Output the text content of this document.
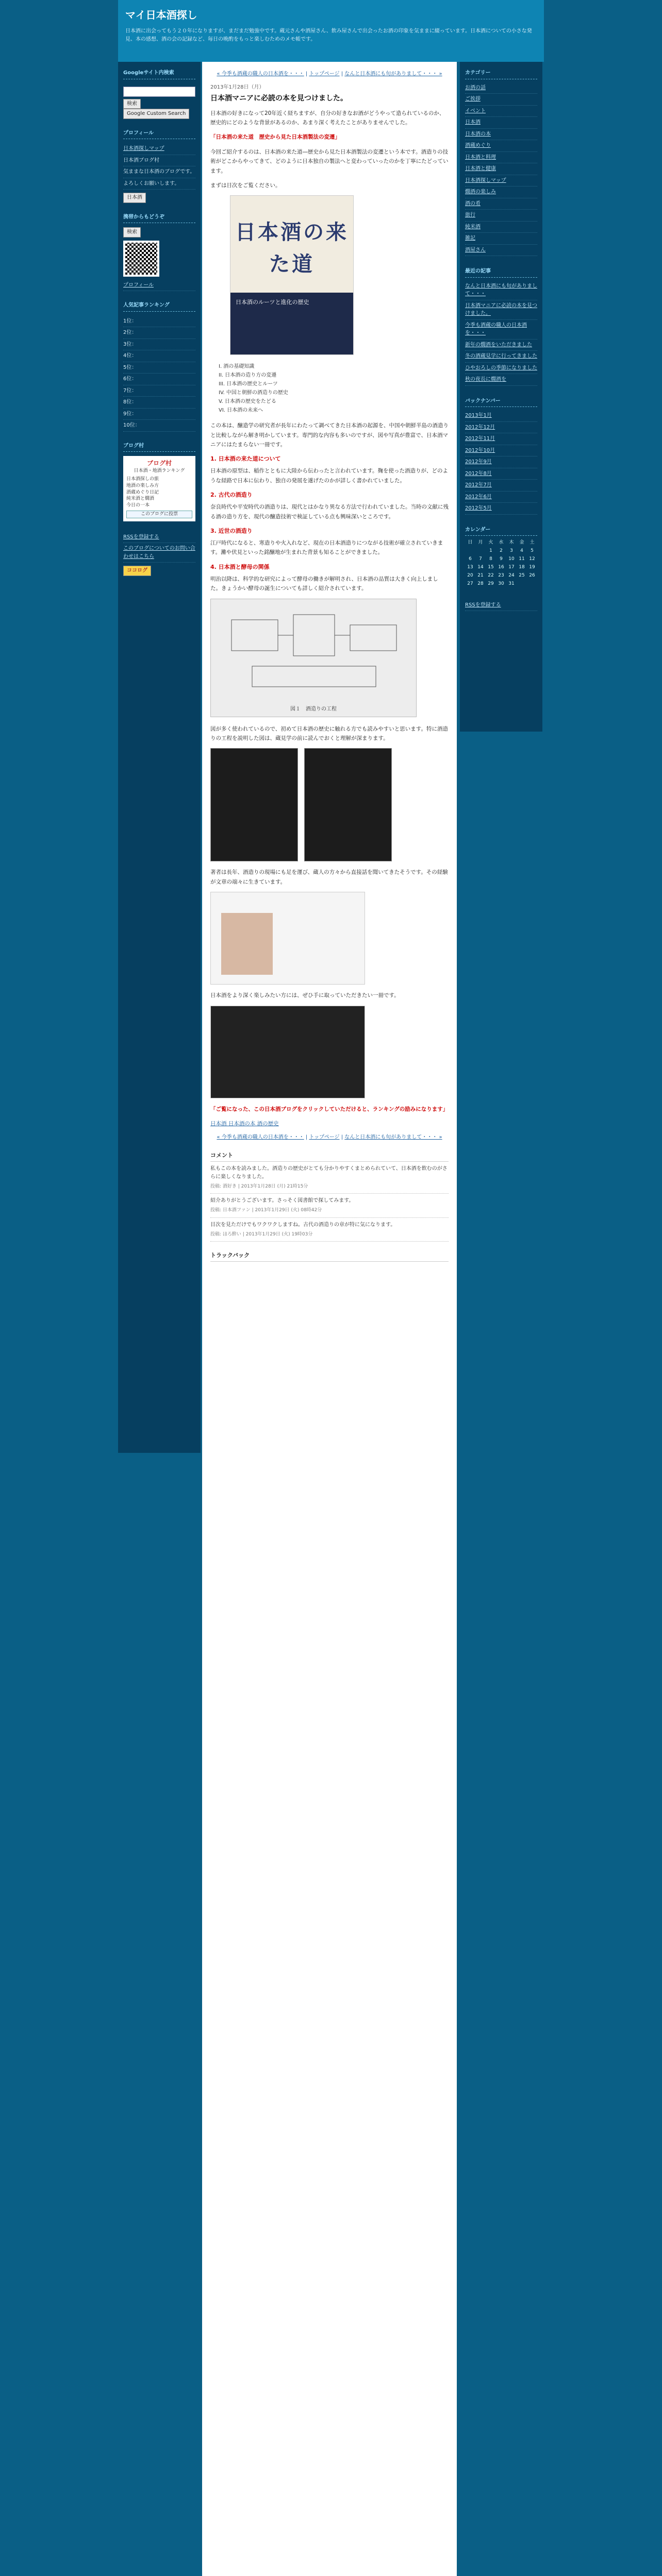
マイ日本酒探し

日本酒に出会ってもう２０年になりますが、まだまだ勉強中です。蔵元さんや酒屋さん、飲み屋さんで出会ったお酒の印象を気ままに綴っています。日本酒についての小さな発見、本の感想、酒の会の記録など、毎日の晩酌をもっと楽しむためのメモ帳です。

Googleサイト内検索
検索 Google Custom Search
プロフィール
日本酒探しマップ
日本酒ブログ村
気ままな日本酒のブログです。
よろしくお願いします。
日本酒
携帯からもどうぞ
検索
プロフィール
人気記事ランキング
1位：
2位：
3位：
4位：
5位：
6位：
7位：
8位：
9位：
10位：
ブログ村
ブログ村
日本酒・地酒ランキング
日本酒探しの旅
地酒の楽しみ方
酒蔵めぐり日記
純米酒と燗酒
今日の一本
このブログに投票
RSSを登録する
このブログについてのお問い合わせはこちら
ココログ
« 今季も酒蔵の職人の日本酒を・・・ | トップページ | なんと日本酒にも旬がありまして・・・ »
2013年1月28日（月）
日本酒マニアに必読の本を見つけました。

日本酒の好きになって20年近く経ちますが、自分の好きなお酒がどうやって造られているのか、歴史的にどのような背景があるのか、あまり深く考えたことがありませんでした。

「日本酒の来た道　歴史から見た日本酒製法の変遷」

今回ご紹介するのは、日本酒の来た道―歴史から見た日本酒製法の変遷という本です。酒造りの技術がどこからやってきて、どのように日本独自の製法へと変わっていったのかを丁寧にたどっています。

まずは目次をご覧ください。

日本酒の来た道
日本酒のルーツと進化の歴史
I. 酒の基礎知識
II. 日本酒の造り方の変遷
III. 日本酒の歴史とルーツ
IV. 中国と朝鮮の酒造りの歴史
V. 日本酒の歴史をたどる
VI. 日本酒の未来へ

この本は、醸造学の研究者が長年にわたって調べてきた日本酒の起源を、中国や朝鮮半島の酒造りと比較しながら解き明かしています。専門的な内容も多いのですが、図や写真が豊富で、日本酒マニアにはたまらない一冊です。

1. 日本酒の来た道について

日本酒の原型は、稲作とともに大陸から伝わったと言われています。麹を使った酒造りが、どのような経路で日本に伝わり、独自の発展を遂げたのかが詳しく書かれていました。

2. 古代の酒造り

奈良時代や平安時代の酒造りは、現代とはかなり異なる方法で行われていました。当時の文献に残る酒の造り方を、現代の醸造技術で検証している点も興味深いところです。

3. 近世の酒造り

江戸時代になると、寒造りや火入れなど、現在の日本酒造りにつながる技術が確立されていきます。灘や伏見といった銘醸地が生まれた背景も知ることができました。

4. 日本酒と酵母の関係

明治以降は、科学的な研究によって酵母の働きが解明され、日本酒の品質は大きく向上しました。きょうかい酵母の誕生についても詳しく紹介されています。

図１　酒造りの工程

図が多く使われているので、初めて日本酒の歴史に触れる方でも読みやすいと思います。特に酒造りの工程を説明した図は、蔵見学の前に読んでおくと理解が深まります。

著者は長年、酒造りの現場にも足を運び、蔵人の方々から直接話を聞いてきたそうです。その経験が文章の端々に生きています。

日本酒をより深く楽しみたい方には、ぜひ手に取っていただきたい一冊です。

「ご覧になった、この日本酒ブログをクリックしていただけると、ランキングの励みになります」

日本酒 日本酒の本 酒の歴史

« 今季も酒蔵の職人の日本酒を・・・ | トップページ | なんと日本酒にも旬がありまして・・・ »
コメント
私もこの本を読みました。酒造りの歴史がとても分かりやすくまとめられていて、日本酒を飲むのがさらに楽しくなりました。
投稿: 酒好き | 2013年1月28日 (月) 21時15分
紹介ありがとうございます。さっそく図書館で探してみます。
投稿: 日本酒ファン | 2013年1月29日 (火) 08時42分
目次を見ただけでもワクワクしますね。古代の酒造りの章が特に気になります。
投稿: ほろ酔い | 2013年1月29日 (火) 19時03分
トラックバック
カテゴリー
お酒の話
ご挨拶
イベント
日本酒
日本酒の本
酒蔵めぐり
日本酒と料理
日本酒と健康
日本酒探しマップ
燗酒の楽しみ
酒の肴
旅行
純米酒
雑記
酒屋さん
最近の記事
なんと日本酒にも旬がありまして・・・
日本酒マニアに必読の本を見つけました。
今季も酒蔵の職人の日本酒を・・・
新年の燗酒をいただきました
冬の酒蔵見学に行ってきました
ひやおろしの季節になりました
秋の夜長に燗酒を
バックナンバー
2013年1月
2012年12月
2012年11月
2012年10月
2012年9月
2012年8月
2012年7月
2012年6月
2012年5月
カレンダー
日	月	火	水	木	金	土
		1	2	3	4	5
6	7	8	9	10	11	12
13	14	15	16	17	18	19
20	21	22	23	24	25	26
27	28	29	30	31		
RSSを登録する
